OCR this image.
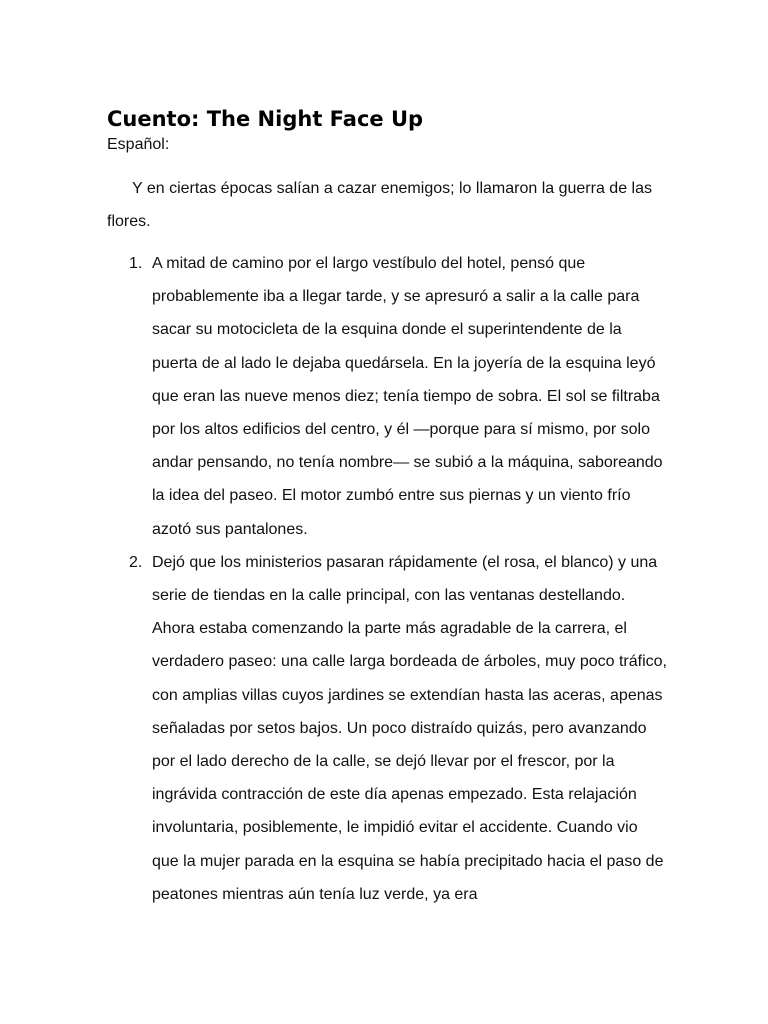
Cuento: The Night Face Up

Español:

Y en ciertas épocas salían a cazar enemigos; lo llamaron la guerra de las flores.

1. A mitad de camino por el largo vestíbulo del hotel, pensó que probablemente iba a llegar tarde, y se apresuró a salir a la calle para sacar su motocicleta de la esquina donde el superintendente de la puerta de al lado le dejaba quedársela. En la joyería de la esquina leyó que eran las nueve menos diez; tenía tiempo de sobra. El sol se filtraba por los altos edificios del centro, y él —porque para sí mismo, por solo andar pensando, no tenía nombre— se subió a la máquina, saboreando la idea del paseo. El motor zumbó entre sus piernas y un viento frío azotó sus pantalones.
2. Dejó que los ministerios pasaran rápidamente (el rosa, el blanco) y una serie de tiendas en la calle principal, con las ventanas destellando. Ahora estaba comenzando la parte más agradable de la carrera, el verdadero paseo: una calle larga bordeada de árboles, muy poco tráfico, con amplias villas cuyos jardines se extendían hasta las aceras, apenas señaladas por setos bajos. Un poco distraído quizás, pero avanzando por el lado derecho de la calle, se dejó llevar por el frescor, por la ingrávida contracción de este día apenas empezado. Esta relajación involuntaria, posiblemente, le impidió evitar el accidente. Cuando vio que la mujer parada en la esquina se había precipitado hacia el paso de peatones mientras aún tenía luz verde, ya era
